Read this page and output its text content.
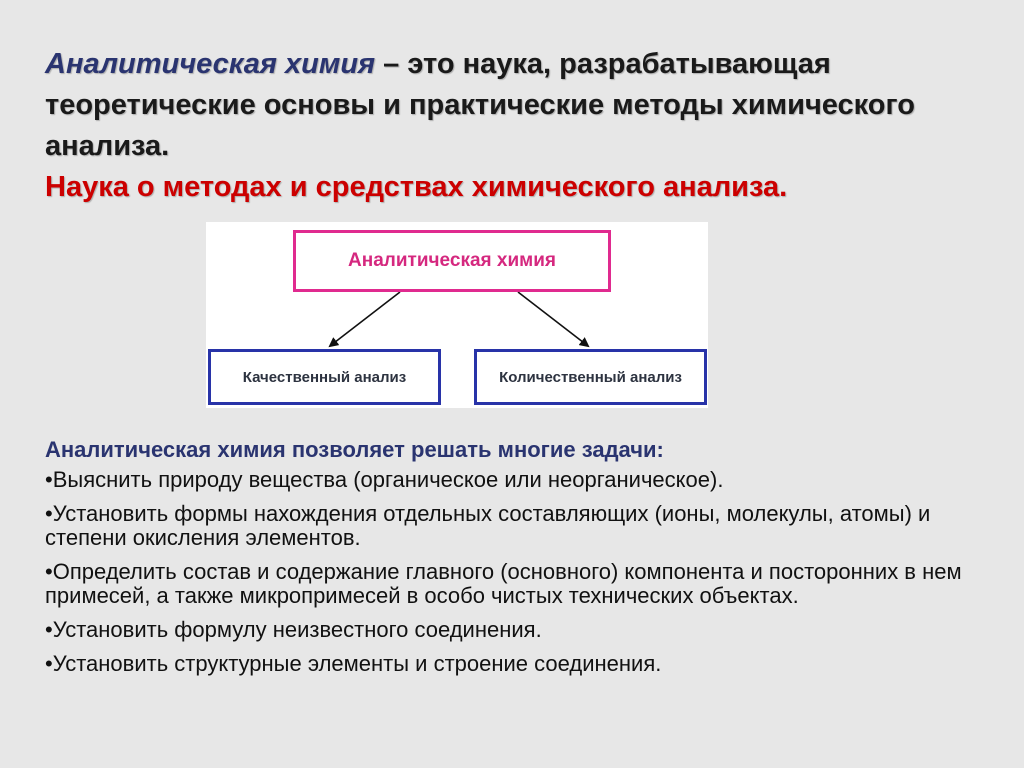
Аналитическая химия – это наука, разрабатывающая теоретические основы и практические методы химического анализа.
Наука о методах и средствах химического анализа.
Аналитическая химия
Качественный анализ	Количественный анализ
Аналитическая химия позволяет решать многие задачи:
•Выяснить природу вещества (органическое или неорганическое).
•Установить формы нахождения отдельных составляющих (ионы, молекулы, атомы) и степени окисления элементов.
•Определить состав и содержание главного (основного) компонента и посторонних в нем примесей, а также микропримесей в особо чистых технических объектах.
•Установить формулу неизвестного соединения.
•Установить структурные элементы и строение соединения.
